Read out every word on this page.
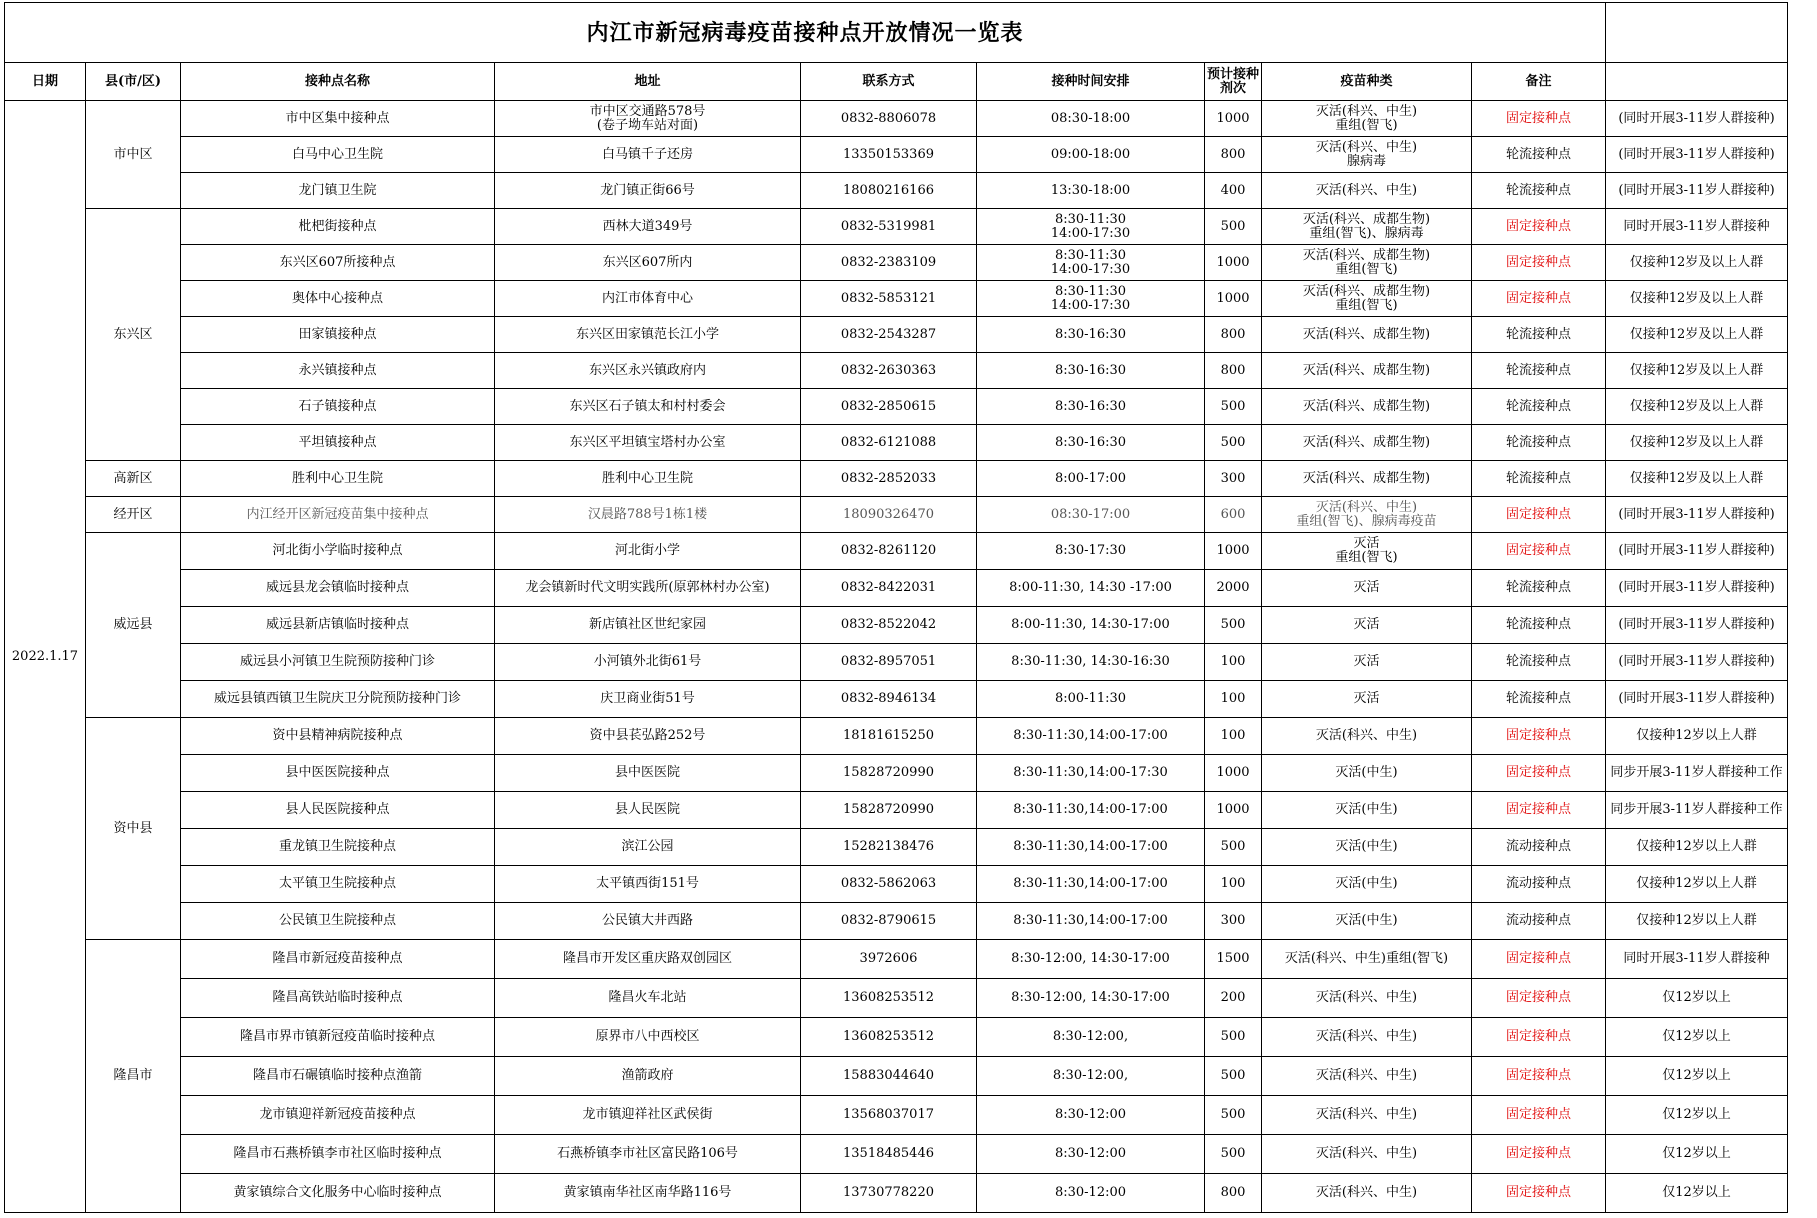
内江市新冠病毒疫苗接种点开放情况一览表									
日期	县(市/区)	接种点名称	地址	联系方式	接种时间安排	预计接种剂次	疫苗种类	备注	
2022.1.17	市中区	市中区集中接种点	市中区交通路578号
(卷子坳车站对面)	0832-8806078	08:30-18:00	1000	灭活(科兴、中生)
重组(智飞)	固定接种点	(同时开展3-11岁人群接种)
		白马中心卫生院	白马镇千子还房	13350153369	09:00-18:00	800	灭活(科兴、中生)
腺病毒	轮流接种点	(同时开展3-11岁人群接种)
		龙门镇卫生院	龙门镇正街66号	18080216166	13:30-18:00	400	灭活(科兴、中生)	轮流接种点	(同时开展3-11岁人群接种)
	东兴区	枇杷街接种点	西林大道349号	0832-5319981	8:30-11:30
14:00-17:30	500	灭活(科兴、成都生物)
重组(智飞)、腺病毒	固定接种点	同时开展3-11岁人群接种
		东兴区607所接种点	东兴区607所内	0832-2383109	8:30-11:30
14:00-17:30	1000	灭活(科兴、成都生物)
重组(智飞)	固定接种点	仅接种12岁及以上人群
		奥体中心接种点	内江市体育中心	0832-5853121	8:30-11:30
14:00-17:30	1000	灭活(科兴、成都生物)
重组(智飞)	固定接种点	仅接种12岁及以上人群
		田家镇接种点	东兴区田家镇范长江小学	0832-2543287	8:30-16:30	800	灭活(科兴、成都生物)	轮流接种点	仅接种12岁及以上人群
		永兴镇接种点	东兴区永兴镇政府内	0832-2630363	8:30-16:30	800	灭活(科兴、成都生物)	轮流接种点	仅接种12岁及以上人群
		石子镇接种点	东兴区石子镇太和村村委会	0832-2850615	8:30-16:30	500	灭活(科兴、成都生物)	轮流接种点	仅接种12岁及以上人群
		平坦镇接种点	东兴区平坦镇宝塔村办公室	0832-6121088	8:30-16:30	500	灭活(科兴、成都生物)	轮流接种点	仅接种12岁及以上人群
	高新区	胜利中心卫生院	胜利中心卫生院	0832-2852033	8:00-17:00	300	灭活(科兴、成都生物)	轮流接种点	仅接种12岁及以上人群
	经开区	内江经开区新冠疫苗集中接种点	汉晨路788号1栋1楼	18090326470	08:30-17:00	600	灭活(科兴、中生)
重组(智飞)、腺病毒疫苗	固定接种点	(同时开展3-11岁人群接种)
	威远县	河北街小学临时接种点	河北街小学	0832-8261120	8:30-17:30	1000	灭活
重组(智飞)	固定接种点	(同时开展3-11岁人群接种)
		威远县龙会镇临时接种点	龙会镇新时代文明实践所(原郭林村办公室)	0832-8422031	8:00-11:30, 14:30 -17:00	2000	灭活	轮流接种点	(同时开展3-11岁人群接种)
		威远县新店镇临时接种点	新店镇社区世纪家园	0832-8522042	8:00-11:30, 14:30-17:00	500	灭活	轮流接种点	(同时开展3-11岁人群接种)
		威远县小河镇卫生院预防接种门诊	小河镇外北街61号	0832-8957051	8:30-11:30, 14:30-16:30	100	灭活	轮流接种点	(同时开展3-11岁人群接种)
		威远县镇西镇卫生院庆卫分院预防接种门诊	庆卫商业街51号	0832-8946134	8:00-11:30	100	灭活	轮流接种点	(同时开展3-11岁人群接种)
	资中县	资中县精神病院接种点	资中县苌弘路252号	18181615250	8:30-11:30,14:00-17:00	100	灭活(科兴、中生)	固定接种点	仅接种12岁以上人群
		县中医医院接种点	县中医医院	15828720990	8:30-11:30,14:00-17:30	1000	灭活(中生)	固定接种点	同步开展3-11岁人群接种工作
		县人民医院接种点	县人民医院	15828720990	8:30-11:30,14:00-17:00	1000	灭活(中生)	固定接种点	同步开展3-11岁人群接种工作
		重龙镇卫生院接种点	滨江公园	15282138476	8:30-11:30,14:00-17:00	500	灭活(中生)	流动接种点	仅接种12岁以上人群
		太平镇卫生院接种点	太平镇西街151号	0832-5862063	8:30-11:30,14:00-17:00	100	灭活(中生)	流动接种点	仅接种12岁以上人群
		公民镇卫生院接种点	公民镇大井西路	0832-8790615	8:30-11:30,14:00-17:00	300	灭活(中生)	流动接种点	仅接种12岁以上人群
	隆昌市	隆昌市新冠疫苗接种点	隆昌市开发区重庆路双创园区	3972606	8:30-12:00, 14:30-17:00	1500	灭活(科兴、中生)重组(智飞)	固定接种点	同时开展3-11岁人群接种
		隆昌高铁站临时接种点	隆昌火车北站	13608253512	8:30-12:00, 14:30-17:00	200	灭活(科兴、中生)	固定接种点	仅12岁以上
		隆昌市界市镇新冠疫苗临时接种点	原界市八中西校区	13608253512	8:30-12:00,	500	灭活(科兴、中生)	固定接种点	仅12岁以上
		隆昌市石碾镇临时接种点渔箭	渔箭政府	15883044640	8:30-12:00,	500	灭活(科兴、中生)	固定接种点	仅12岁以上
		龙市镇迎祥新冠疫苗接种点	龙市镇迎祥社区武侯街	13568037017	8:30-12:00	500	灭活(科兴、中生)	固定接种点	仅12岁以上
		隆昌市石燕桥镇李市社区临时接种点	石燕桥镇李市社区富民路106号	13518485446	8:30-12:00	500	灭活(科兴、中生)	固定接种点	仅12岁以上
		黄家镇综合文化服务中心临时接种点	黄家镇南华社区南华路116号	13730778220	8:30-12:00	800	灭活(科兴、中生)	固定接种点	仅12岁以上
